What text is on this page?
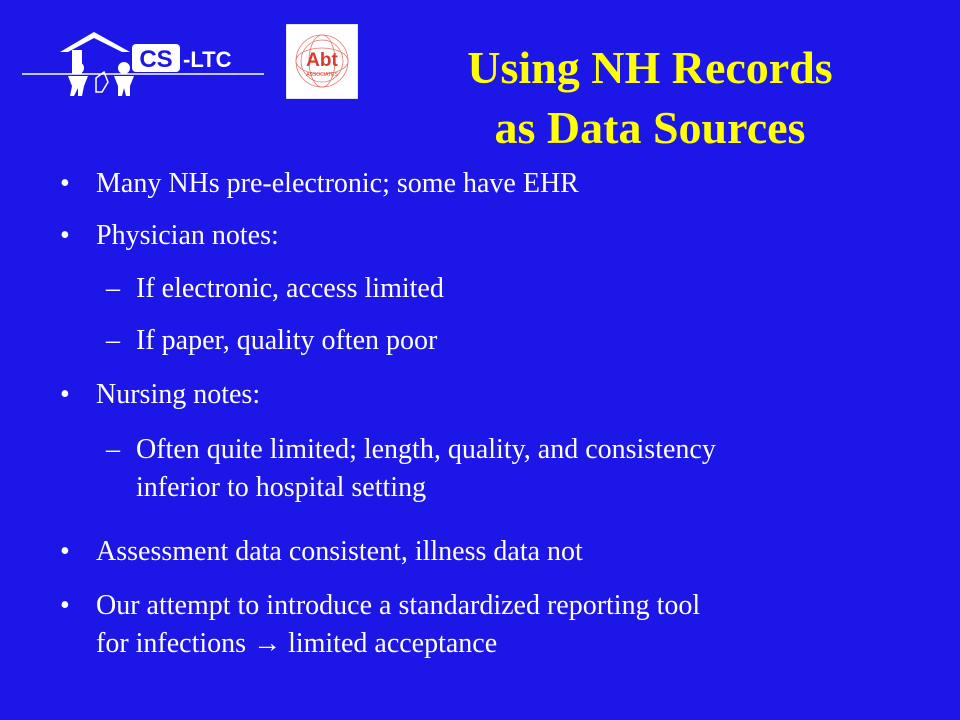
CS -LTC	Abt
ASSOCIATES	Using NH Records
as Data Sources
• Many NHs pre-electronic; some have EHR
• Physician notes:
– If electronic, access limited
– If paper, quality often poor
• Nursing notes:
– Often quite limited; length, quality, and consistency
inferior to hospital setting
• Assessment data consistent, illness data not
• Our attempt to introduce a standardized reporting tool
for infections → limited acceptance
